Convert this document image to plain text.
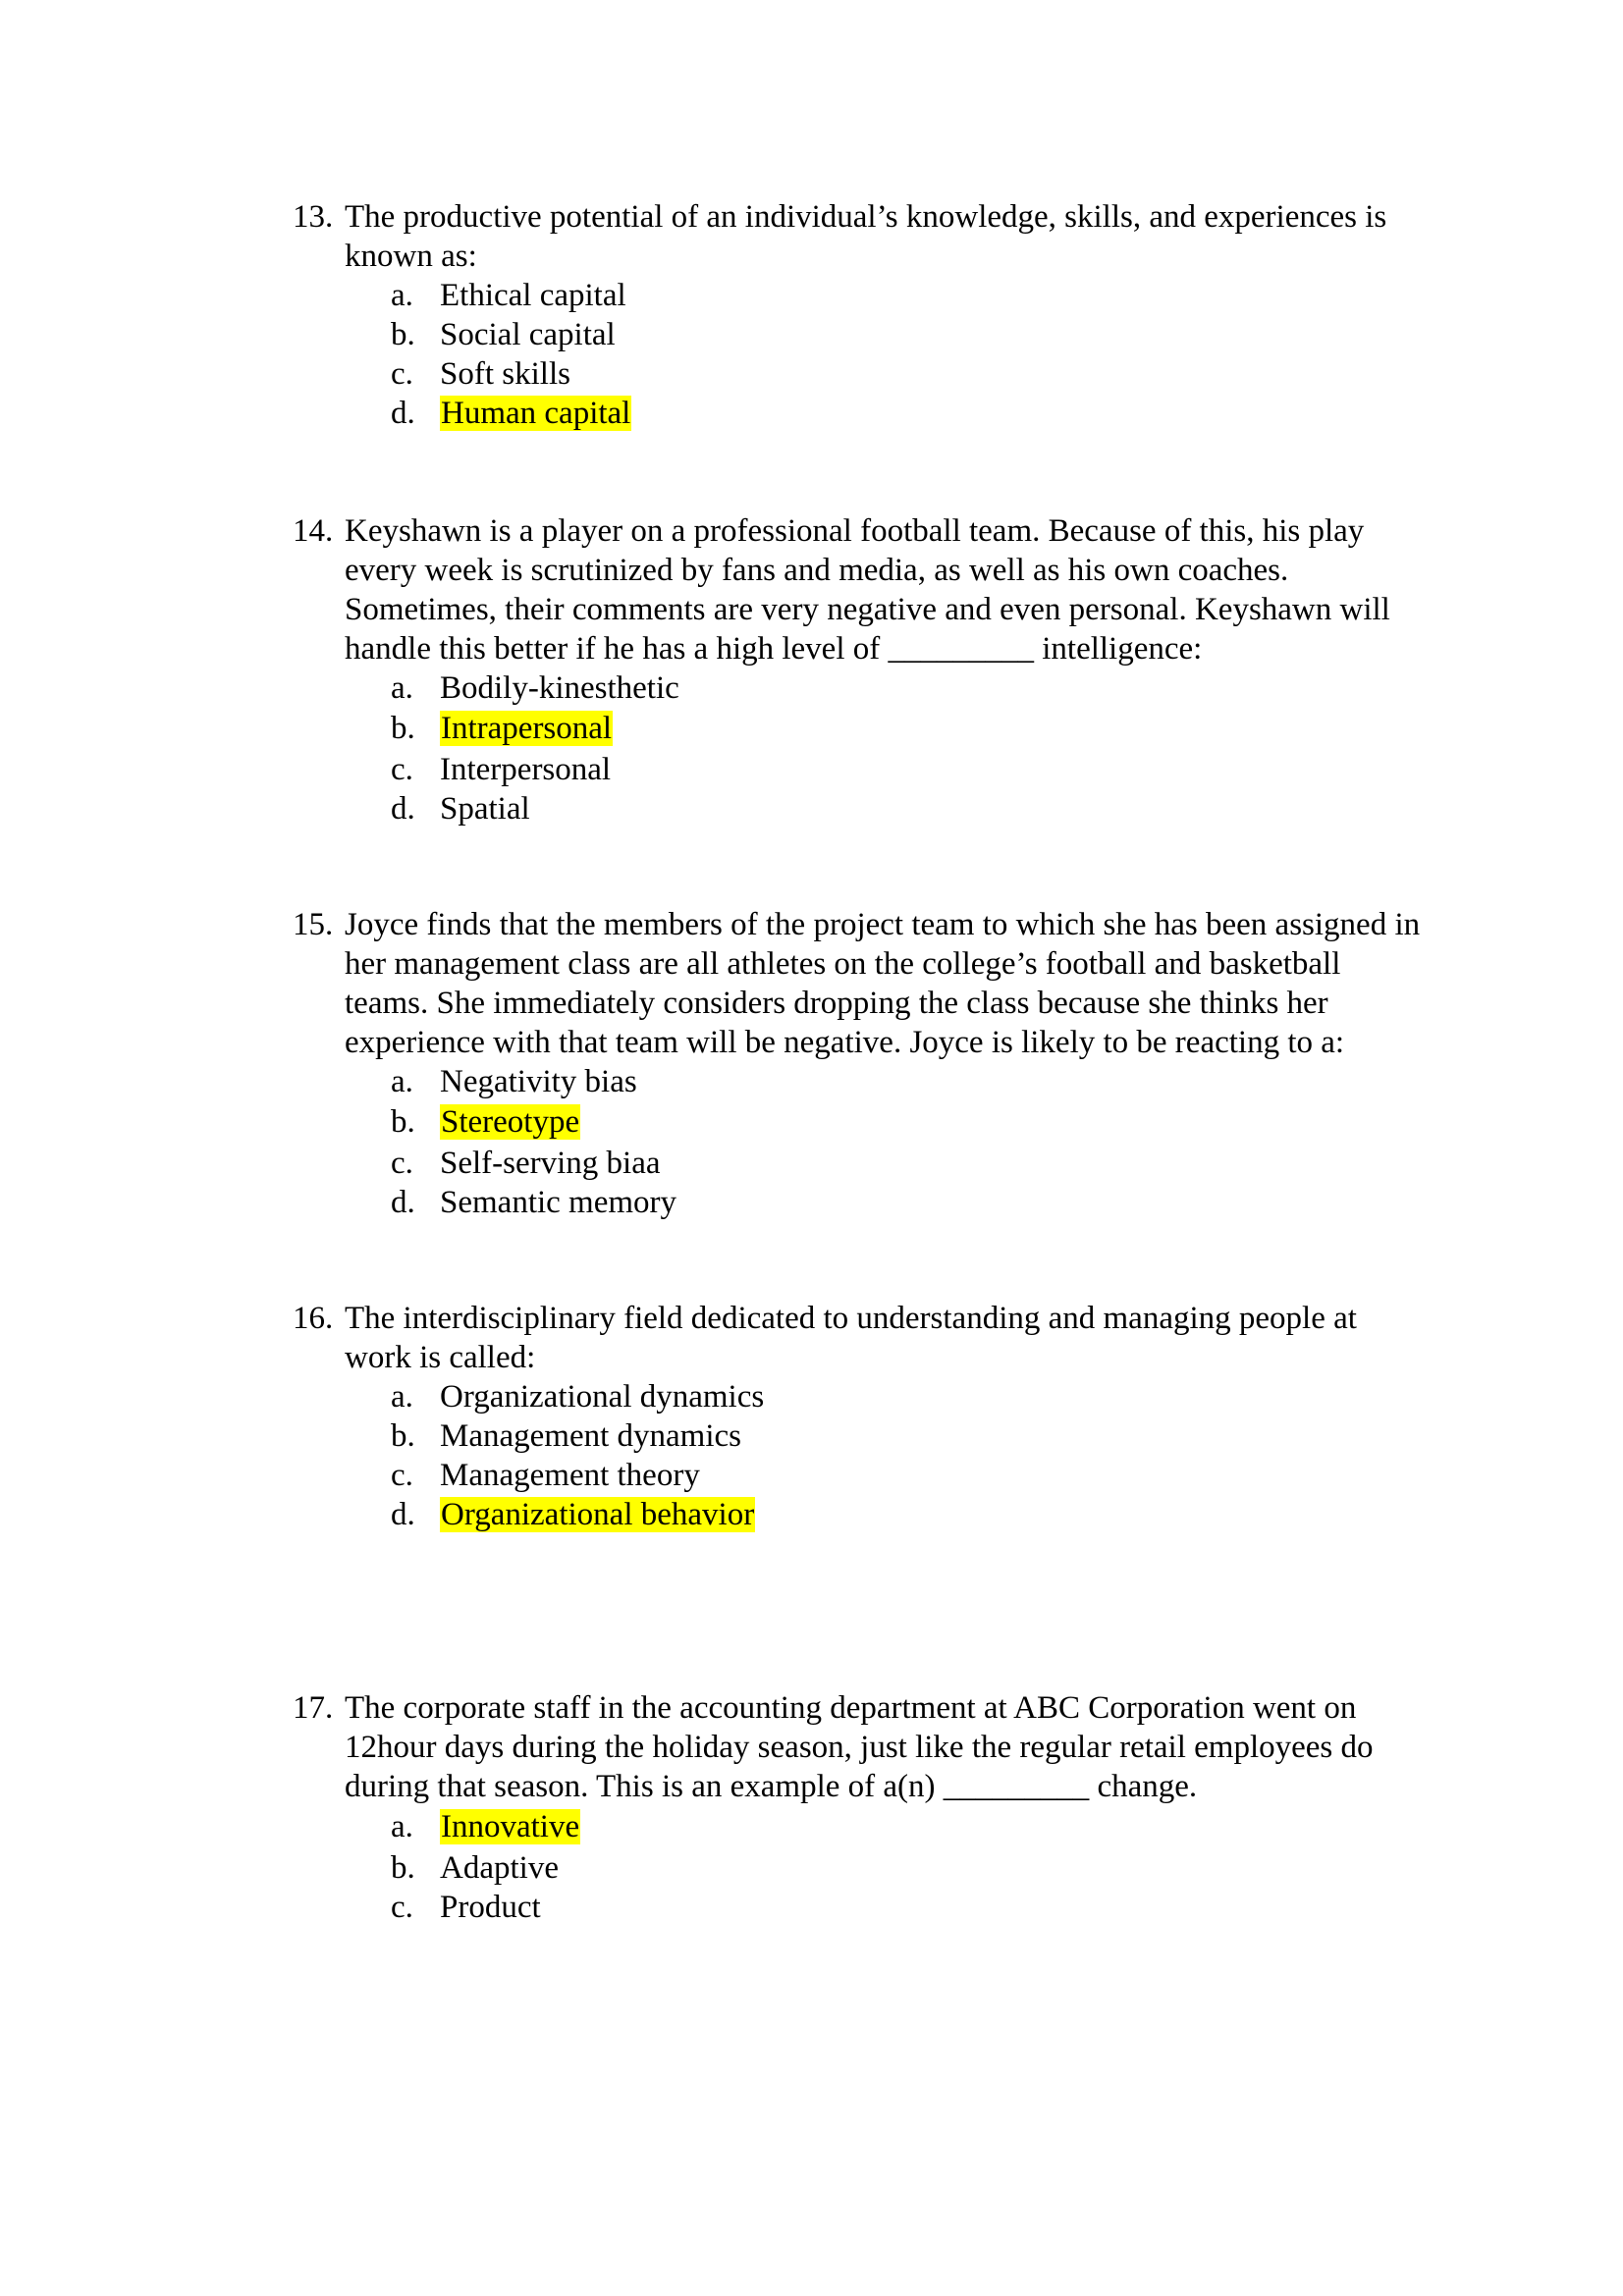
13. The productive potential of an individual’s knowledge, skills, and experiences is known as:

a. Ethical capital
b. Social capital
c. Soft skills
d. Human capital

14. Keyshawn is a player on a professional football team. Because of this, his play every week is scrutinized by fans and media, as well as his own coaches. Sometimes, their comments are very negative and even personal. Keyshawn will handle this better if he has a high level of _________ intelligence:

a. Bodily-kinesthetic
b. Intrapersonal
c. Interpersonal
d. Spatial

15. Joyce finds that the members of the project team to which she has been assigned in her management class are all athletes on the college’s football and basketball teams. She immediately considers dropping the class because she thinks her experience with that team will be negative. Joyce is likely to be reacting to a:

a. Negativity bias
b. Stereotype
c. Self-serving biaa
d. Semantic memory

16. The interdisciplinary field dedicated to understanding and managing people at work is called:

a. Organizational dynamics
b. Management dynamics
c. Management theory
d. Organizational behavior

17. The corporate staff in the accounting department at ABC Corporation went on 12hour days during the holiday season, just like the regular retail employees do during that season. This is an example of a(n) _________ change.

a. Innovative
b. Adaptive
c. Product
